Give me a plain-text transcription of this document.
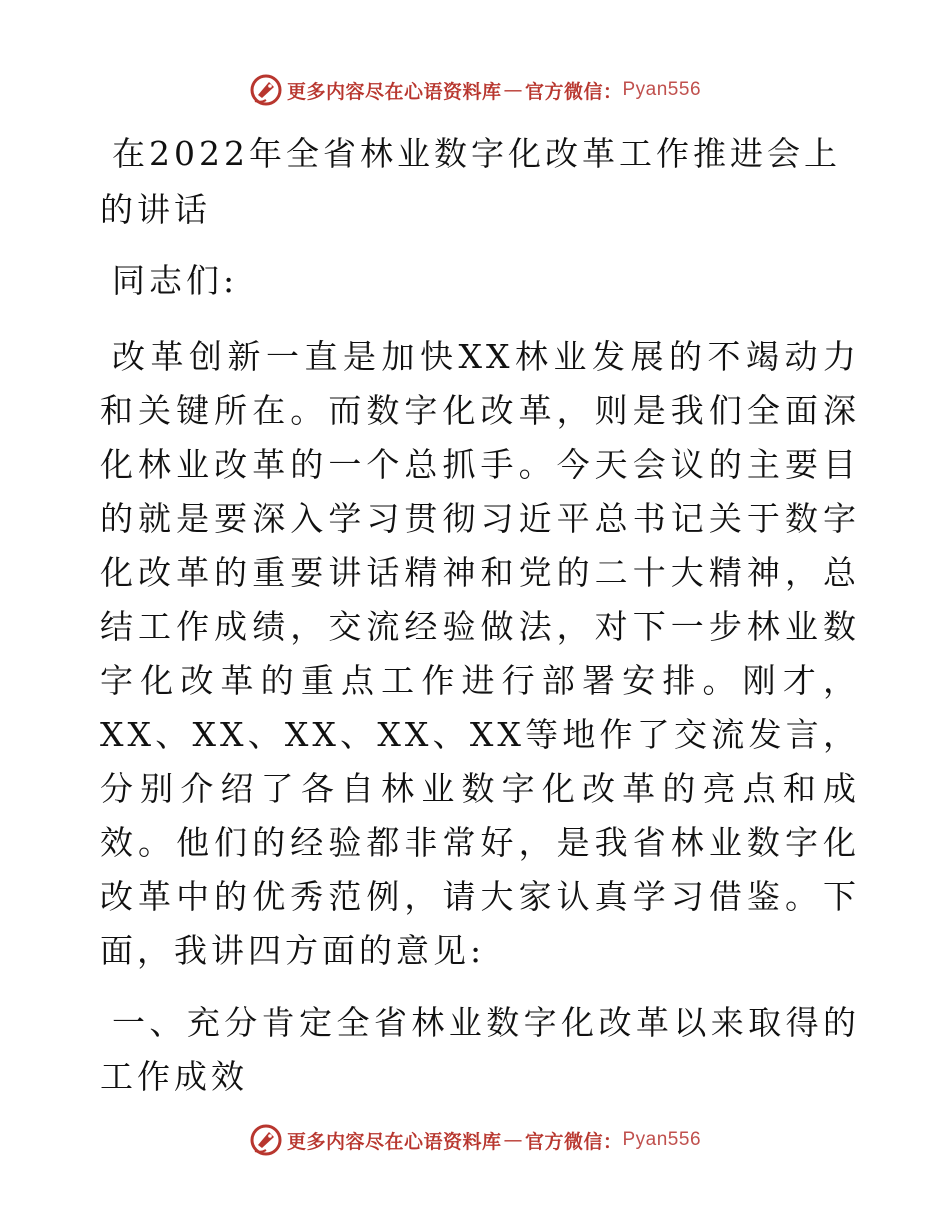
更多内容尽在心语资料库 — 官方微信： Pyan556
在2022年全省林业数字化改革工作推进会上的讲话

同志们:

改革创新一直是加快XX林业发展的不竭动力和关键所在。而数字化改革，则是我们全面深化林业改革的一个总抓手。今天会议的主要目的就是要深入学习贯彻习近平总书记关于数字化改革的重要讲话精神和党的二十大精神，总结工作成绩，交流经验做法，对下一步林业数字化改革的重点工作进行部署安排。刚才，XX、XX、XX、XX、XX等地作了交流发言，分别介绍了各自林业数字化改革的亮点和成效。他们的经验都非常好，是我省林业数字化改革中的优秀范例，请大家认真学习借鉴。下面，我讲四方面的意见:

一、充分肯定全省林业数字化改革以来取得的工作成效

更多内容尽在心语资料库 — 官方微信： Pyan556
